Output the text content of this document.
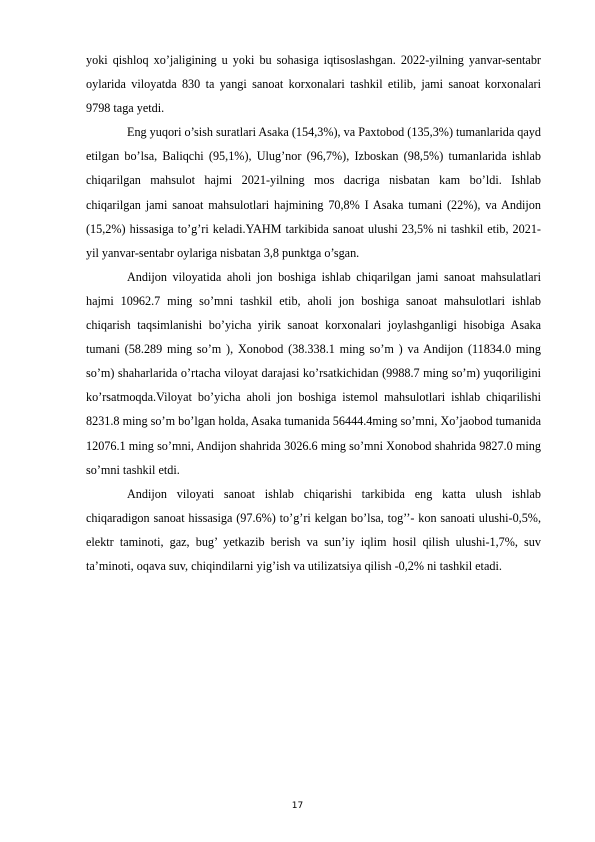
yoki qishloq xo’jaligining u yoki bu sohasiga iqtisoslashgan. 2022-yilning yanvar-sentabr oylarida viloyatda 830 ta yangi sanoat korxonalari tashkil etilib, jami sanoat korxonalari 9798 taga yetdi.

Eng yuqori o’sish suratlari Asaka (154,3%), va Paxtobod (135,3%) tumanlarida qayd etilgan bo’lsa, Baliqchi (95,1%), Ulug’nor (96,7%), Izboskan (98,5%) tumanlarida ishlab chiqarilgan mahsulot hajmi 2021-yilning mos dacriga nisbatan kam bo’ldi. Ishlab chiqarilgan jami sanoat mahsulotlari hajmining 70,8% I Asaka tumani (22%), va Andijon (15,2%) hissasiga to’g’ri keladi.YAHM tarkibida sanoat ulushi 23,5% ni tashkil etib, 2021-yil yanvar-sentabr oylariga nisbatan 3,8 punktga o’sgan.

Andijon viloyatida aholi jon boshiga ishlab chiqarilgan jami sanoat mahsulatlari hajmi 10962.7 ming so’mni tashkil etib, aholi jon boshiga sanoat mahsulotlari ishlab chiqarish taqsimlanishi bo’yicha yirik sanoat korxonalari joylashganligi hisobiga Asaka tumani (58.289 ming so’m ), Xonobod (38.338.1 ming so’m ) va Andijon (11834.0 ming so’m) shaharlarida o’rtacha viloyat darajasi ko’rsatkichidan (9988.7 ming so’m) yuqoriligini ko’rsatmoqda.Viloyat bo’yicha aholi jon boshiga istemol mahsulotlari ishlab chiqarilishi 8231.8 ming so’m bo’lgan holda, Asaka tumanida 56444.4ming so’mni, Xo’jaobod tumanida 12076.1 ming so’mni, Andijon shahrida 3026.6 ming so’mni Xonobod shahrida 9827.0 ming so’mni tashkil etdi.

Andijon viloyati sanoat ishlab chiqarishi tarkibida eng katta ulush ishlab chiqaradigon sanoat hissasiga (97.6%) to’g’ri kelgan bo’lsa, tog’’- kon sanoati ulushi-0,5%, elektr taminoti, gaz, bug’ yetkazib berish va sun’iy iqlim hosil qilish ulushi-1,7%, suv ta’minoti, oqava suv, chiqindilarni yig’ish va utilizatsiya qilish -0,2% ni tashkil etadi.

17
